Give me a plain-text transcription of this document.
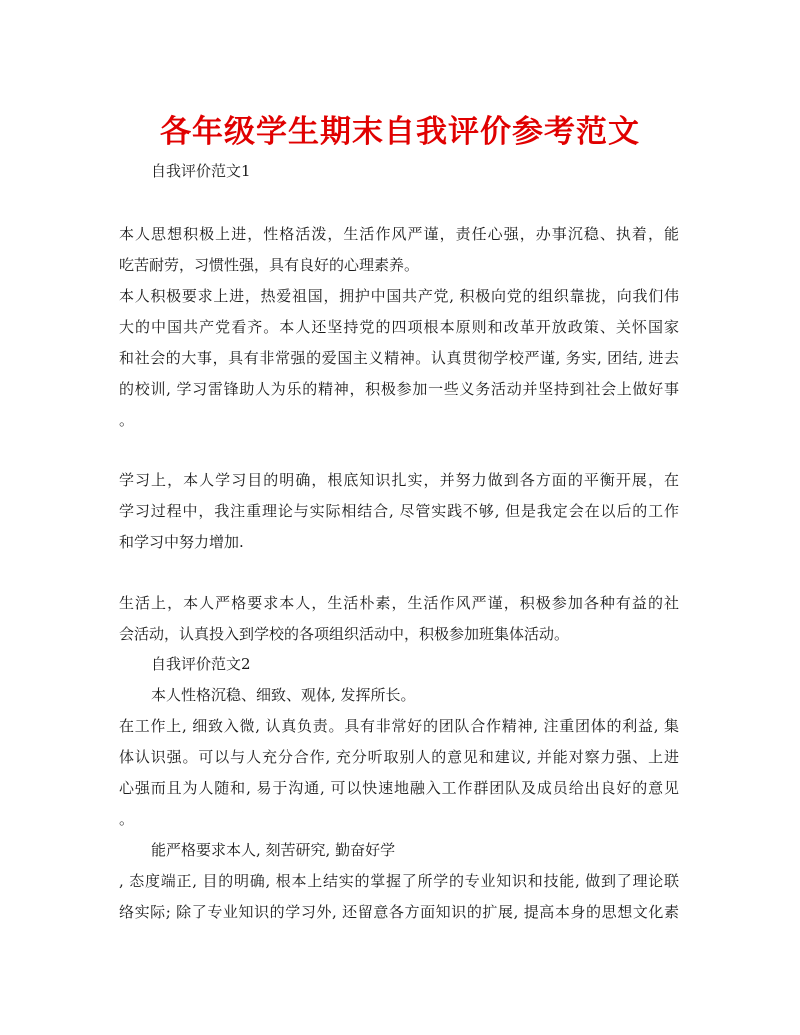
各年级学生期末自我评价参考范文
自我评价范文1
本人思想积极上进，性格活泼，生活作风严谨，责任心强，办事沉稳、执着，能
吃苦耐劳，习惯性强，具有良好的心理素养。
本人积极要求上进，热爱祖国，拥护中国共产党, 积极向党的组织靠拢，向我们伟
大的中国共产党看齐。本人还坚持党的四项根本原则和改革开放政策、关怀国家
和社会的大事，具有非常强的爱国主义精神。认真贯彻学校严谨, 务实, 团结, 进去
的校训, 学习雷锋助人为乐的精神，积极参加一些义务活动并坚持到社会上做好事
。
学习上，本人学习目的明确，根底知识扎实，并努力做到各方面的平衡开展，在
学习过程中，我注重理论与实际相结合, 尽管实践不够, 但是我定会在以后的工作
和学习中努力增加.
生活上，本人严格要求本人，生活朴素，生活作风严谨，积极参加各种有益的社
会活动，认真投入到学校的各项组织活动中，积极参加班集体活动。
自我评价范文2
本人性格沉稳、细致、观体, 发挥所长。
在工作上, 细致入微, 认真负责。具有非常好的团队合作精神, 注重团体的利益, 集
体认识强。可以与人充分合作, 充分听取别人的意见和建议, 并能对察力强、上进
心强而且为人随和, 易于沟通, 可以快速地融入工作群团队及成员给出良好的意见
。
能严格要求本人, 刻苦研究, 勤奋好学
, 态度端正, 目的明确, 根本上结实的掌握了所学的专业知识和技能, 做到了理论联
络实际; 除了专业知识的学习外, 还留意各方面知识的扩展, 提高本身的思想文化素
